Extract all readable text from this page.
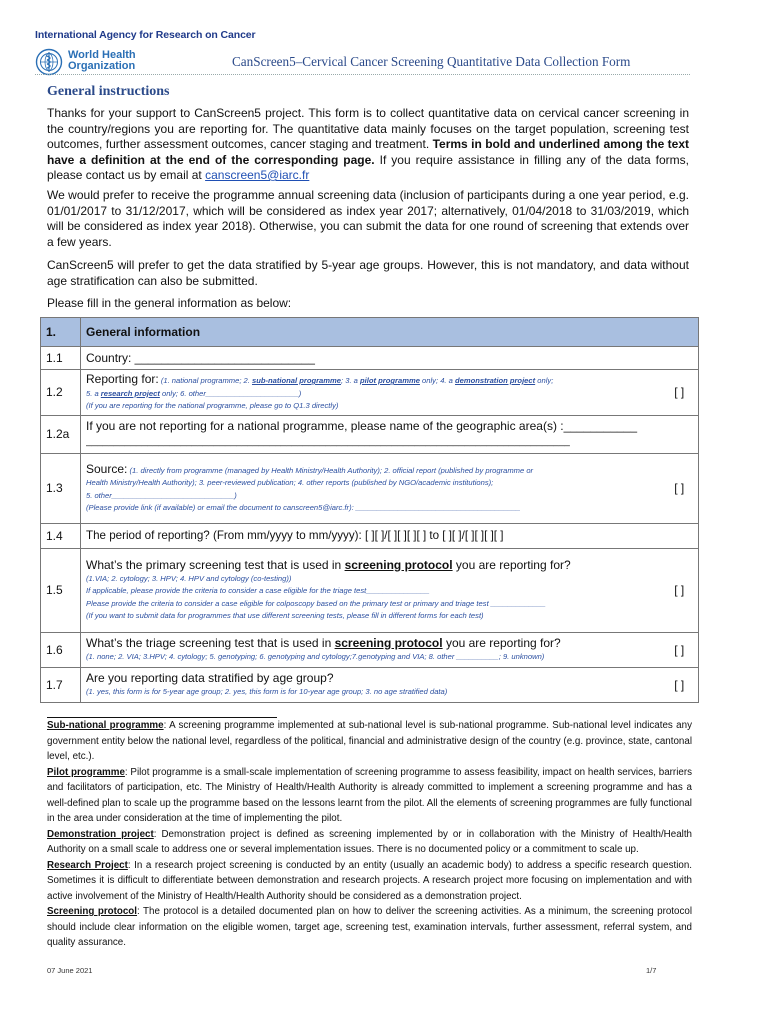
International Agency for Research on Cancer
World Health
Organization	CanScreen5–Cervical Cancer Screening Quantitative Data Collection Form
General instructions
Thanks for your support to CanScreen5 project. This form is to collect quantitative data on cervical cancer screening in the country/regions you are reporting for. The quantitative data mainly focuses on the target population, screening test outcomes, further assessment outcomes, cancer staging and treatment. Terms in bold and underlined among the text have a definition at the end of the corresponding page. If you require assistance in filling any of the data forms, please contact us by email at canscreen5@iarc.fr
We would prefer to receive the programme annual screening data (inclusion of participants during a one year period, e.g. 01/01/2017 to 31/12/2017, which will be considered as index year 2017; alternatively, 01/04/2018 to 31/03/2019, which will be considered as index year 2018). Otherwise, you can submit the data for one round of screening that extends over a few years.
CanScreen5 will prefer to get the data stratified by 5-year age groups. However, this is not mandatory, and data without age stratification can also be submitted.
Please fill in the general information as below:
1.	General information	
1.1	Country: ___________________________	
1.2	Reporting for: (1. national programme; 2. sub-national programme; 3. a pilot programme only; 4. a demonstration project only;
5. a research project only; 6. other______________________)
(If you are reporting for the national programme, please go to Q1.3 directly)	[ ]
1.2a	If you are not reporting for a national programme, please name of the geographic area(s) :___________
_______________________________________________________________________________________	

1.3	Source: (1. directly from programme (managed by Health Ministry/Health Authority); 2. official report (published by programme or
Health Ministry/Health Authority); 3. peer-reviewed publication; 4. other reports (published by NGO/academic institutions);
5. other_____________________________)
(Please provide link (if available) or email the document to canscreen5@iarc.fr): _______________________________________	[ ]
1.4	The period of reporting? (From mm/yyyy to mm/yyyy): [ ][ ]/[ ][ ][ ][ ] to [ ][ ]/[ ][ ][ ][ ]	
1.5	What’s the primary screening test that is used in screening protocol you are reporting for?
(1.VIA; 2. cytology; 3. HPV; 4. HPV and cytology (co-testing))
If applicable, please provide the criteria to consider a case eligible for the triage test_______________
Please provide the criteria to consider a case eligible for colposcopy based on the primary test or primary and triage test _____________
(If you want to submit data for programmes that use different screening tests, please fill in different forms for each test)	[ ]
1.6	What’s the triage screening test that is used in screening protocol you are reporting for?
(1. none; 2. VIA; 3.HPV; 4. cytology; 5. genotyping; 6. genotyping and cytology;7.genotyping and VIA; 8. other __________; 9. unknown)	[ ]
1.7	Are you reporting data stratified by age group?
(1. yes, this form is for 5-year age group; 2. yes, this form is for 10-year age group; 3. no age stratified data)	[ ]

Sub-national programme: A screening programme implemented at sub-national level is sub-national programme. Sub-national level indicates any government entity below the national level, regardless of the political, financial and administrative design of the country (e.g. province, state, cantonal level, etc.).

Pilot programme: Pilot programme is a small-scale implementation of screening programme to assess feasibility, impact on health services, barriers and facilitators of participation, etc. The Ministry of Health/Health Authority is already committed to implement a screening programme and has a well-defined plan to scale up the programme based on the lessons learnt from the pilot. All the elements of screening programmes are fully functional in the area under consideration at the time of implementing the pilot.

Demonstration project: Demonstration project is defined as screening implemented by or in collaboration with the Ministry of Health/Health Authority on a small scale to address one or several implementation issues. There is no documented policy or a commitment to scale up.

Research Project: In a research project screening is conducted by an entity (usually an academic body) to address a specific research question. Sometimes it is difficult to differentiate between demonstration and research projects. A research project more focusing on implementation and with active involvement of the Ministry of Health/Health Authority should be considered as a demonstration project.

Screening protocol: The protocol is a detailed documented plan on how to deliver the screening activities. As a minimum, the screening protocol should include clear information on the eligible women, target age, screening test, examination intervals, further assessment, referral system, and quality assurance.

07 June 2021	1/7
